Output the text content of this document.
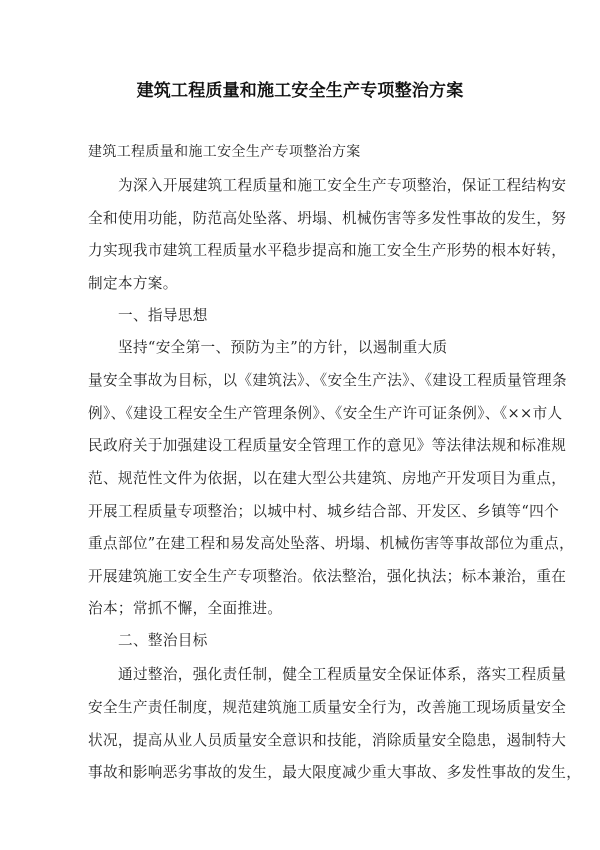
建筑工程质量和施工安全生产专项整治方案
建筑工程质量和施工安全生产专项整治方案
为深入开展建筑工程质量和施工安全生产专项整治，保证工程结构安
全和使用功能，防范高处坠落、坍塌、机械伤害等多发性事故的发生，努
力实现我市建筑工程质量水平稳步提高和施工安全生产形势的根本好转，
制定本方案。
一、指导思想
坚持“安全第一、预防为主”的方针，以遏制重大质
量安全事故为目标，以《建筑法》、《安全生产法》、《建设工程质量管理条
例》、《建设工程安全生产管理条例》、《安全生产许可证条例》、《××市人
民政府关于加强建设工程质量安全管理工作的意见》等法律法规和标准规
范、规范性文件为依据，以在建大型公共建筑、房地产开发项目为重点，
开展工程质量专项整治；以城中村、城乡结合部、开发区、乡镇等“四个
重点部位”在建工程和易发高处坠落、坍塌、机械伤害等事故部位为重点，
开展建筑施工安全生产专项整治。依法整治，强化执法；标本兼治，重在
治本；常抓不懈，全面推进。
二、整治目标
通过整治，强化责任制，健全工程质量安全保证体系，落实工程质量
安全生产责任制度，规范建筑施工质量安全行为，改善施工现场质量安全
状况，提高从业人员质量安全意识和技能，消除质量安全隐患，遏制特大
事故和影响恶劣事故的发生，最大限度减少重大事故、多发性事故的发生，
